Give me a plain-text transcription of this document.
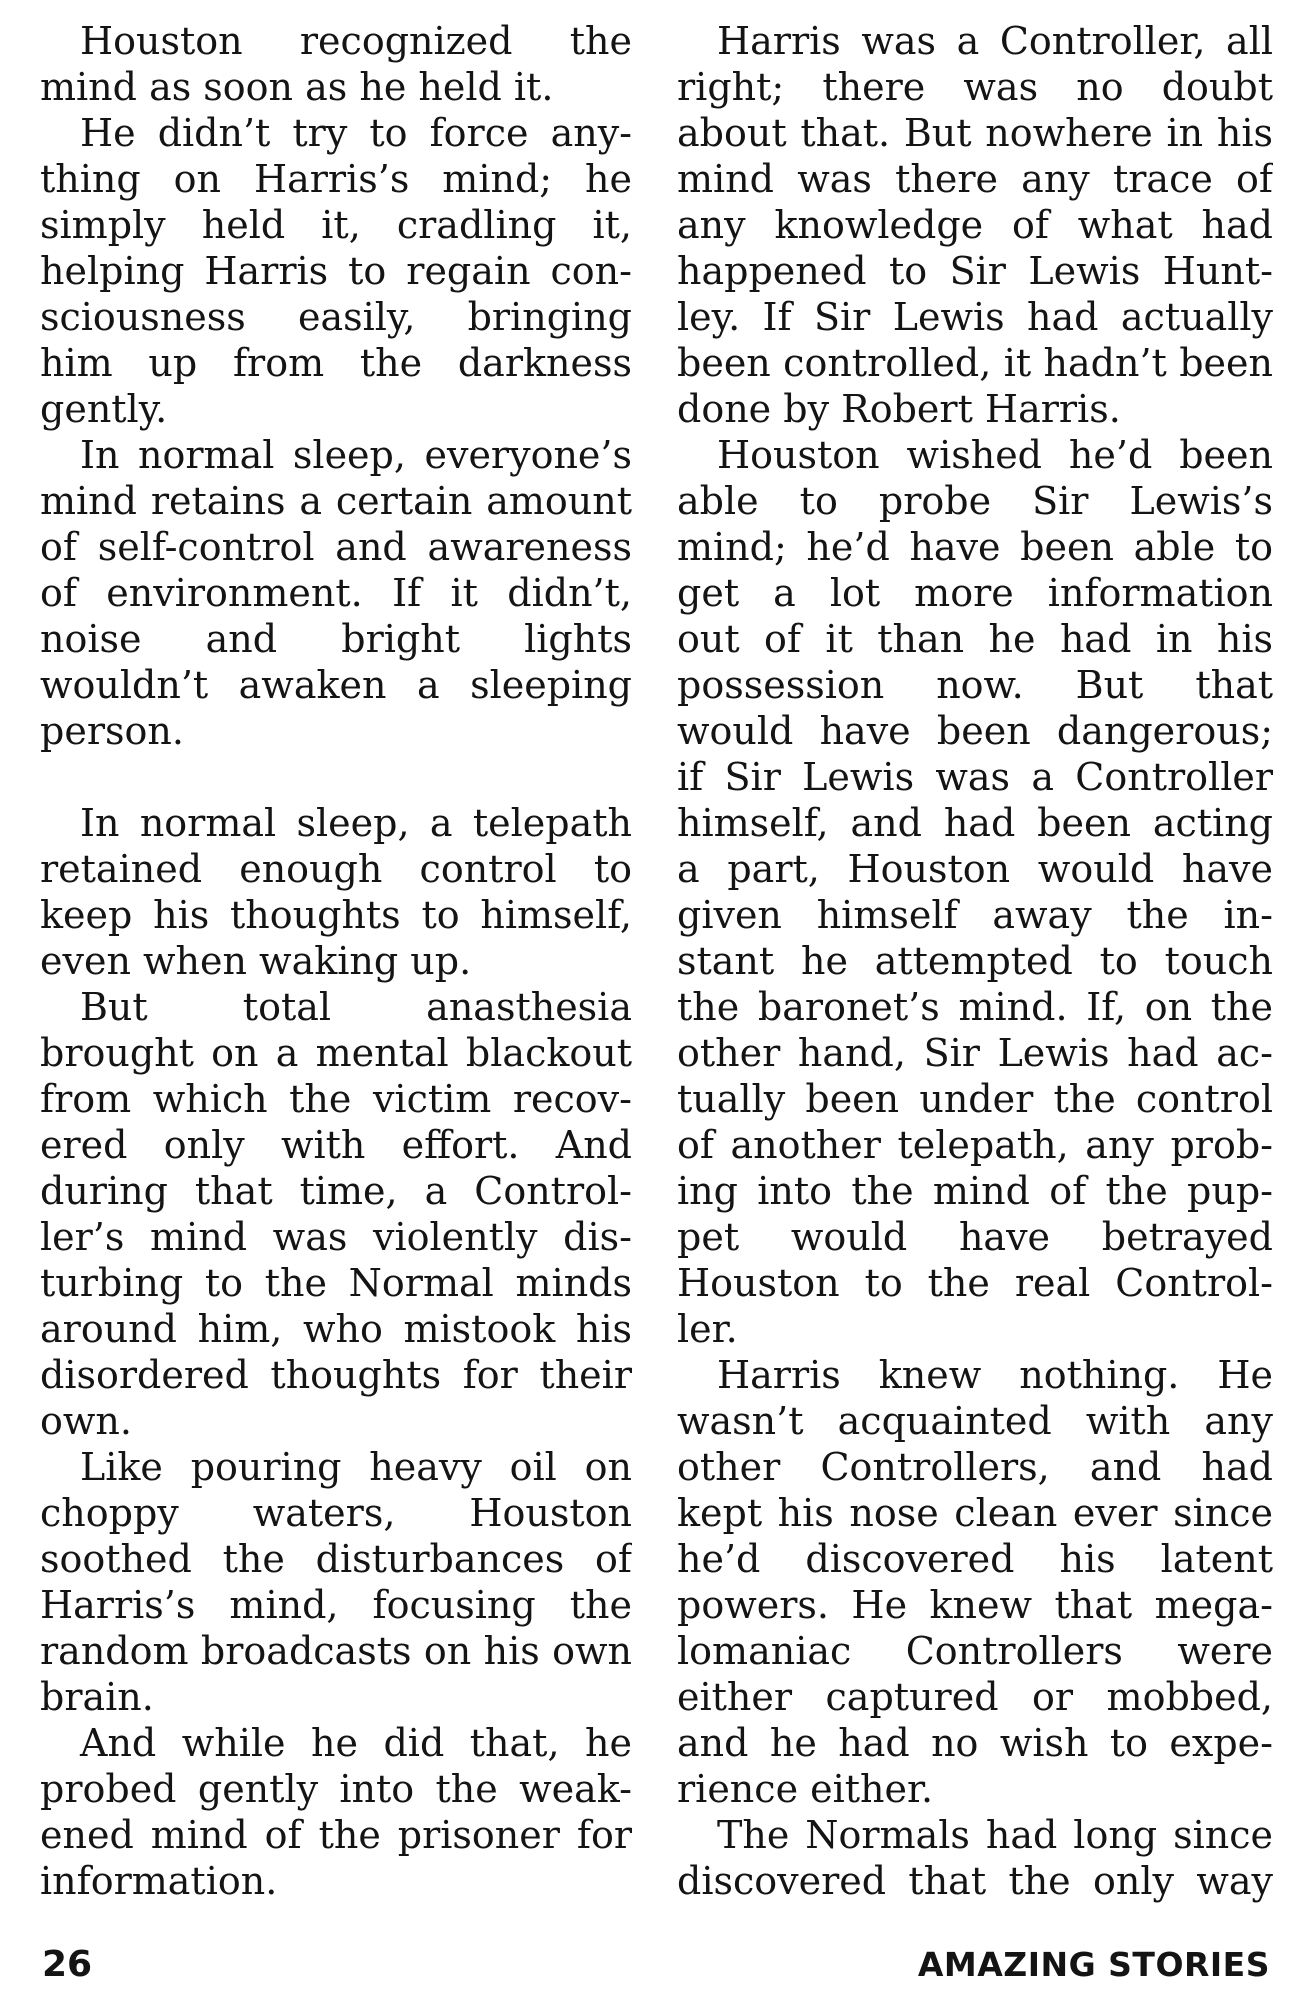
Houston recognized the
mind as soon as he held it.
He didn’t try to force any-
thing on Harris’s mind; he
simply held it, cradling it,
helping Harris to regain con-
sciousness easily, bringing
him up from the darkness
gently.
In normal sleep, everyone’s
mind retains a certain amount
of self-control and awareness
of environment. If it didn’t,
noise and bright lights
wouldn’t awaken a sleeping
person.
In normal sleep, a telepath
retained enough control to
keep his thoughts to himself,
even when waking up.
But total anasthesia
brought on a mental blackout
from which the victim recov-
ered only with effort. And
during that time, a Control-
ler’s mind was violently dis-
turbing to the Normal minds
around him, who mistook his
disordered thoughts for their
own.
Like pouring heavy oil on
choppy waters, Houston
soothed the disturbances of
Harris’s mind, focusing the
random broadcasts on his own
brain.
And while he did that, he
probed gently into the weak-
ened mind of the prisoner for
information.
Harris was a Controller, all
right; there was no doubt
about that. But nowhere in his
mind was there any trace of
any knowledge of what had
happened to Sir Lewis Hunt-
ley. If Sir Lewis had actually
been controlled, it hadn’t been
done by Robert Harris.
Houston wished he’d been
able to probe Sir Lewis’s
mind; he’d have been able to
get a lot more information
out of it than he had in his
possession now. But that
would have been dangerous;
if Sir Lewis was a Controller
himself, and had been acting
a part, Houston would have
given himself away the in-
stant he attempted to touch
the baronet’s mind. If, on the
other hand, Sir Lewis had ac-
tually been under the control
of another telepath, any prob-
ing into the mind of the pup-
pet would have betrayed
Houston to the real Control-
ler.
Harris knew nothing. He
wasn’t acquainted with any
other Controllers, and had
kept his nose clean ever since
he’d discovered his latent
powers. He knew that mega-
lomaniac Controllers were
either captured or mobbed,
and he had no wish to expe-
rience either.
The Normals had long since
discovered that the only way
26	AMAZING STORIES
